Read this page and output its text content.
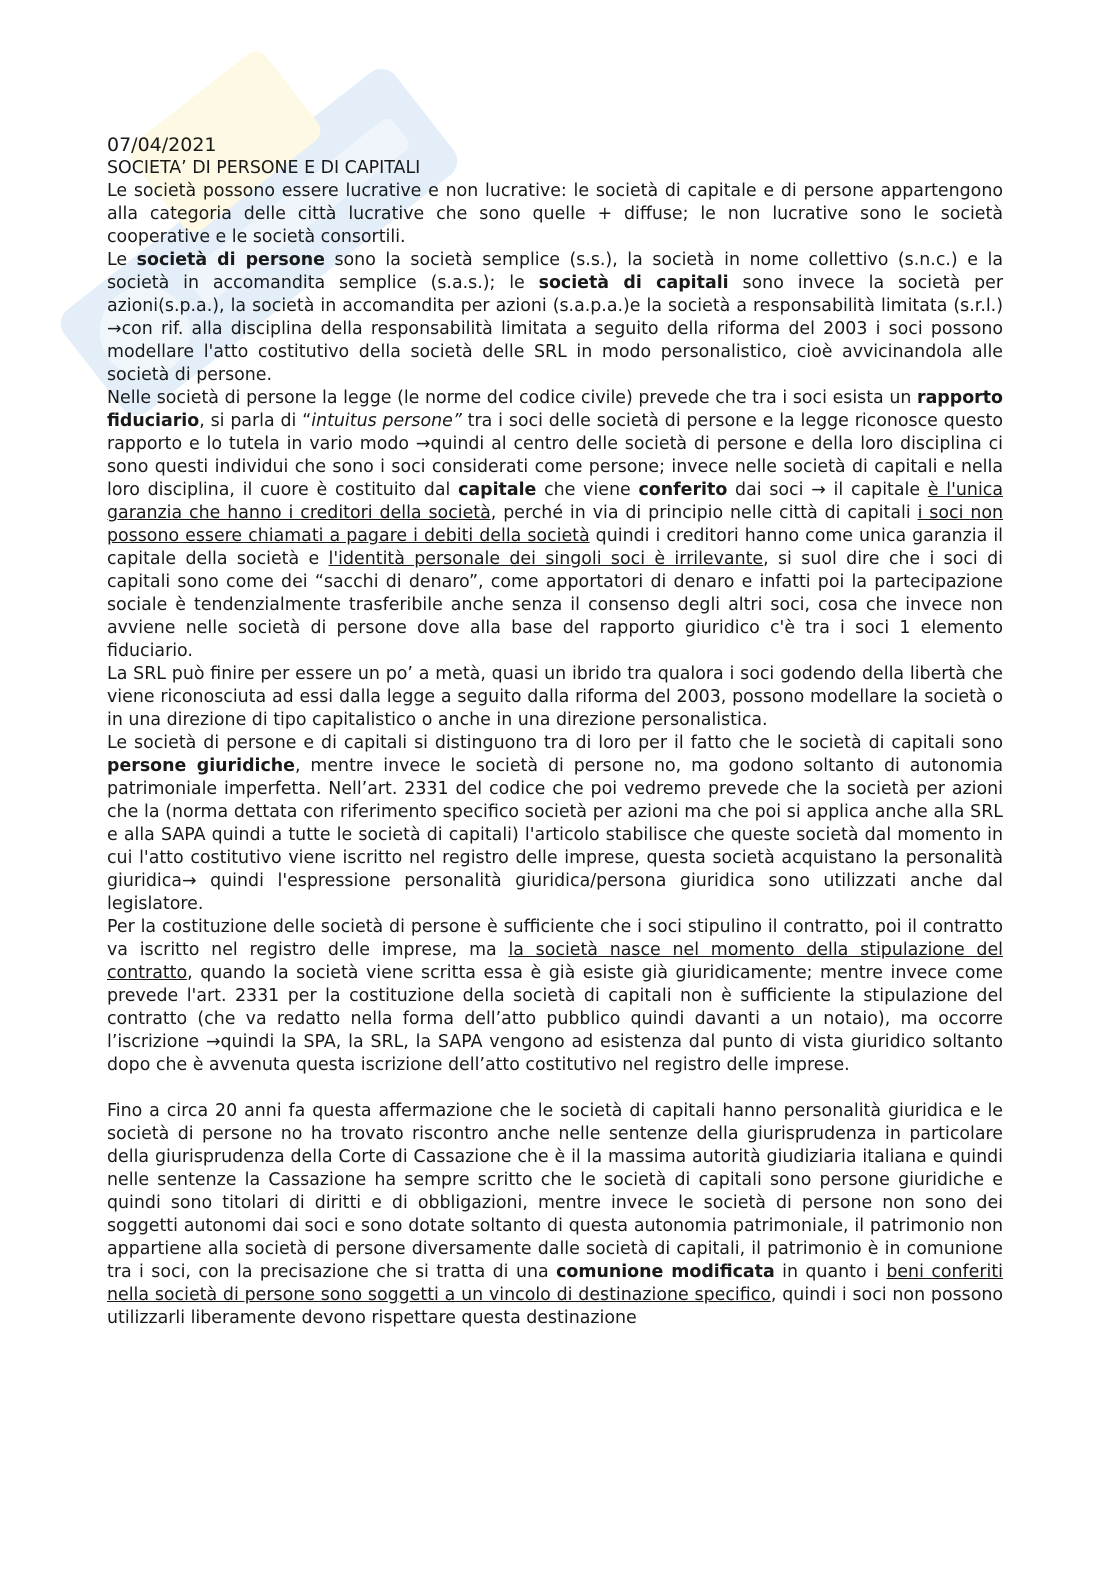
07/04/2021

SOCIETA’ DI PERSONE E DI CAPITALI

Le società possono essere lucrative e non lucrative: le società di capitale e di persone appartengono alla categoria delle città lucrative che sono quelle + diffuse; le non lucrative sono le società cooperative e le società consortili.

Le società di persone sono la società semplice (s.s.), la società in nome collettivo (s.n.c.) e la società in accomandita semplice (s.a.s.); le società di capitali sono invece la società per azioni(s.p.a.), la società in accomandita per azioni (s.a.p.a.)e la società a responsabilità limitata (s.r.l.) →con rif. alla disciplina della responsabilità limitata a seguito della riforma del 2003 i soci possono modellare l'atto costitutivo della società delle SRL in modo personalistico, cioè avvicinandola alle società di persone.

Nelle società di persone la legge (le norme del codice civile) prevede che tra i soci esista un rapporto fiduciario, si parla di “intuitus persone” tra i soci delle società di persone e la legge riconosce questo rapporto e lo tutela in vario modo →quindi al centro delle società di persone e della loro disciplina ci sono questi individui che sono i soci considerati come persone; invece nelle società di capitali e nella loro disciplina, il cuore è costituito dal capitale che viene conferito dai soci → il capitale è l'unica garanzia che hanno i creditori della società, perché in via di principio nelle città di capitali i soci non possono essere chiamati a pagare i debiti della società quindi i creditori hanno come unica garanzia il capitale della società e l'identità personale dei singoli soci è irrilevante, si suol dire che i soci di capitali sono come dei “sacchi di denaro”, come apportatori di denaro e infatti poi la partecipazione sociale è tendenzialmente trasferibile anche senza il consenso degli altri soci, cosa che invece non avviene nelle società di persone dove alla base del rapporto giuridico c'è tra i soci 1 elemento fiduciario.

La SRL può finire per essere un po’ a metà, quasi un ibrido tra qualora i soci godendo della libertà che viene riconosciuta ad essi dalla legge a seguito dalla riforma del 2003, possono modellare la società o in una direzione di tipo capitalistico o anche in una direzione personalistica.

Le società di persone e di capitali si distinguono tra di loro per il fatto che le società di capitali sono persone giuridiche, mentre invece le società di persone no, ma godono soltanto di autonomia patrimoniale imperfetta. Nell’art. 2331 del codice che poi vedremo prevede che la società per azioni che la (norma dettata con riferimento specifico società per azioni ma che poi si applica anche alla SRL e alla SAPA quindi a tutte le società di capitali) l'articolo stabilisce che queste società dal momento in cui l'atto costitutivo viene iscritto nel registro delle imprese, questa società acquistano la personalità giuridica→ quindi l'espressione personalità giuridica/persona giuridica sono utilizzati anche dal legislatore.

Per la costituzione delle società di persone è sufficiente che i soci stipulino il contratto, poi il contratto va iscritto nel registro delle imprese, ma la società nasce nel momento della stipulazione del contratto, quando la società viene scritta essa è già esiste già giuridicamente; mentre invece come prevede l'art. 2331 per la costituzione della società di capitali non è sufficiente la stipulazione del contratto (che va redatto nella forma dell’atto pubblico quindi davanti a un notaio), ma occorre l’iscrizione →quindi la SPA, la SRL, la SAPA vengono ad esistenza dal punto di vista giuridico soltanto dopo che è avvenuta questa iscrizione dell’atto costitutivo nel registro delle imprese.

Fino a circa 20 anni fa questa affermazione che le società di capitali hanno personalità giuridica e le società di persone no ha trovato riscontro anche nelle sentenze della giurisprudenza in particolare della giurisprudenza della Corte di Cassazione che è il la massima autorità giudiziaria italiana e quindi nelle sentenze la Cassazione ha sempre scritto che le società di capitali sono persone giuridiche e quindi sono titolari di diritti e di obbligazioni, mentre invece le società di persone non sono dei soggetti autonomi dai soci e sono dotate soltanto di questa autonomia patrimoniale, il patrimonio non appartiene alla società di persone diversamente dalle società di capitali, il patrimonio è in comunione tra i soci, con la precisazione che si tratta di una comunione modificata in quanto i beni conferiti nella società di persone sono soggetti a un vincolo di destinazione specifico, quindi i soci non possono utilizzarli liberamente devono rispettare questa destinazione
